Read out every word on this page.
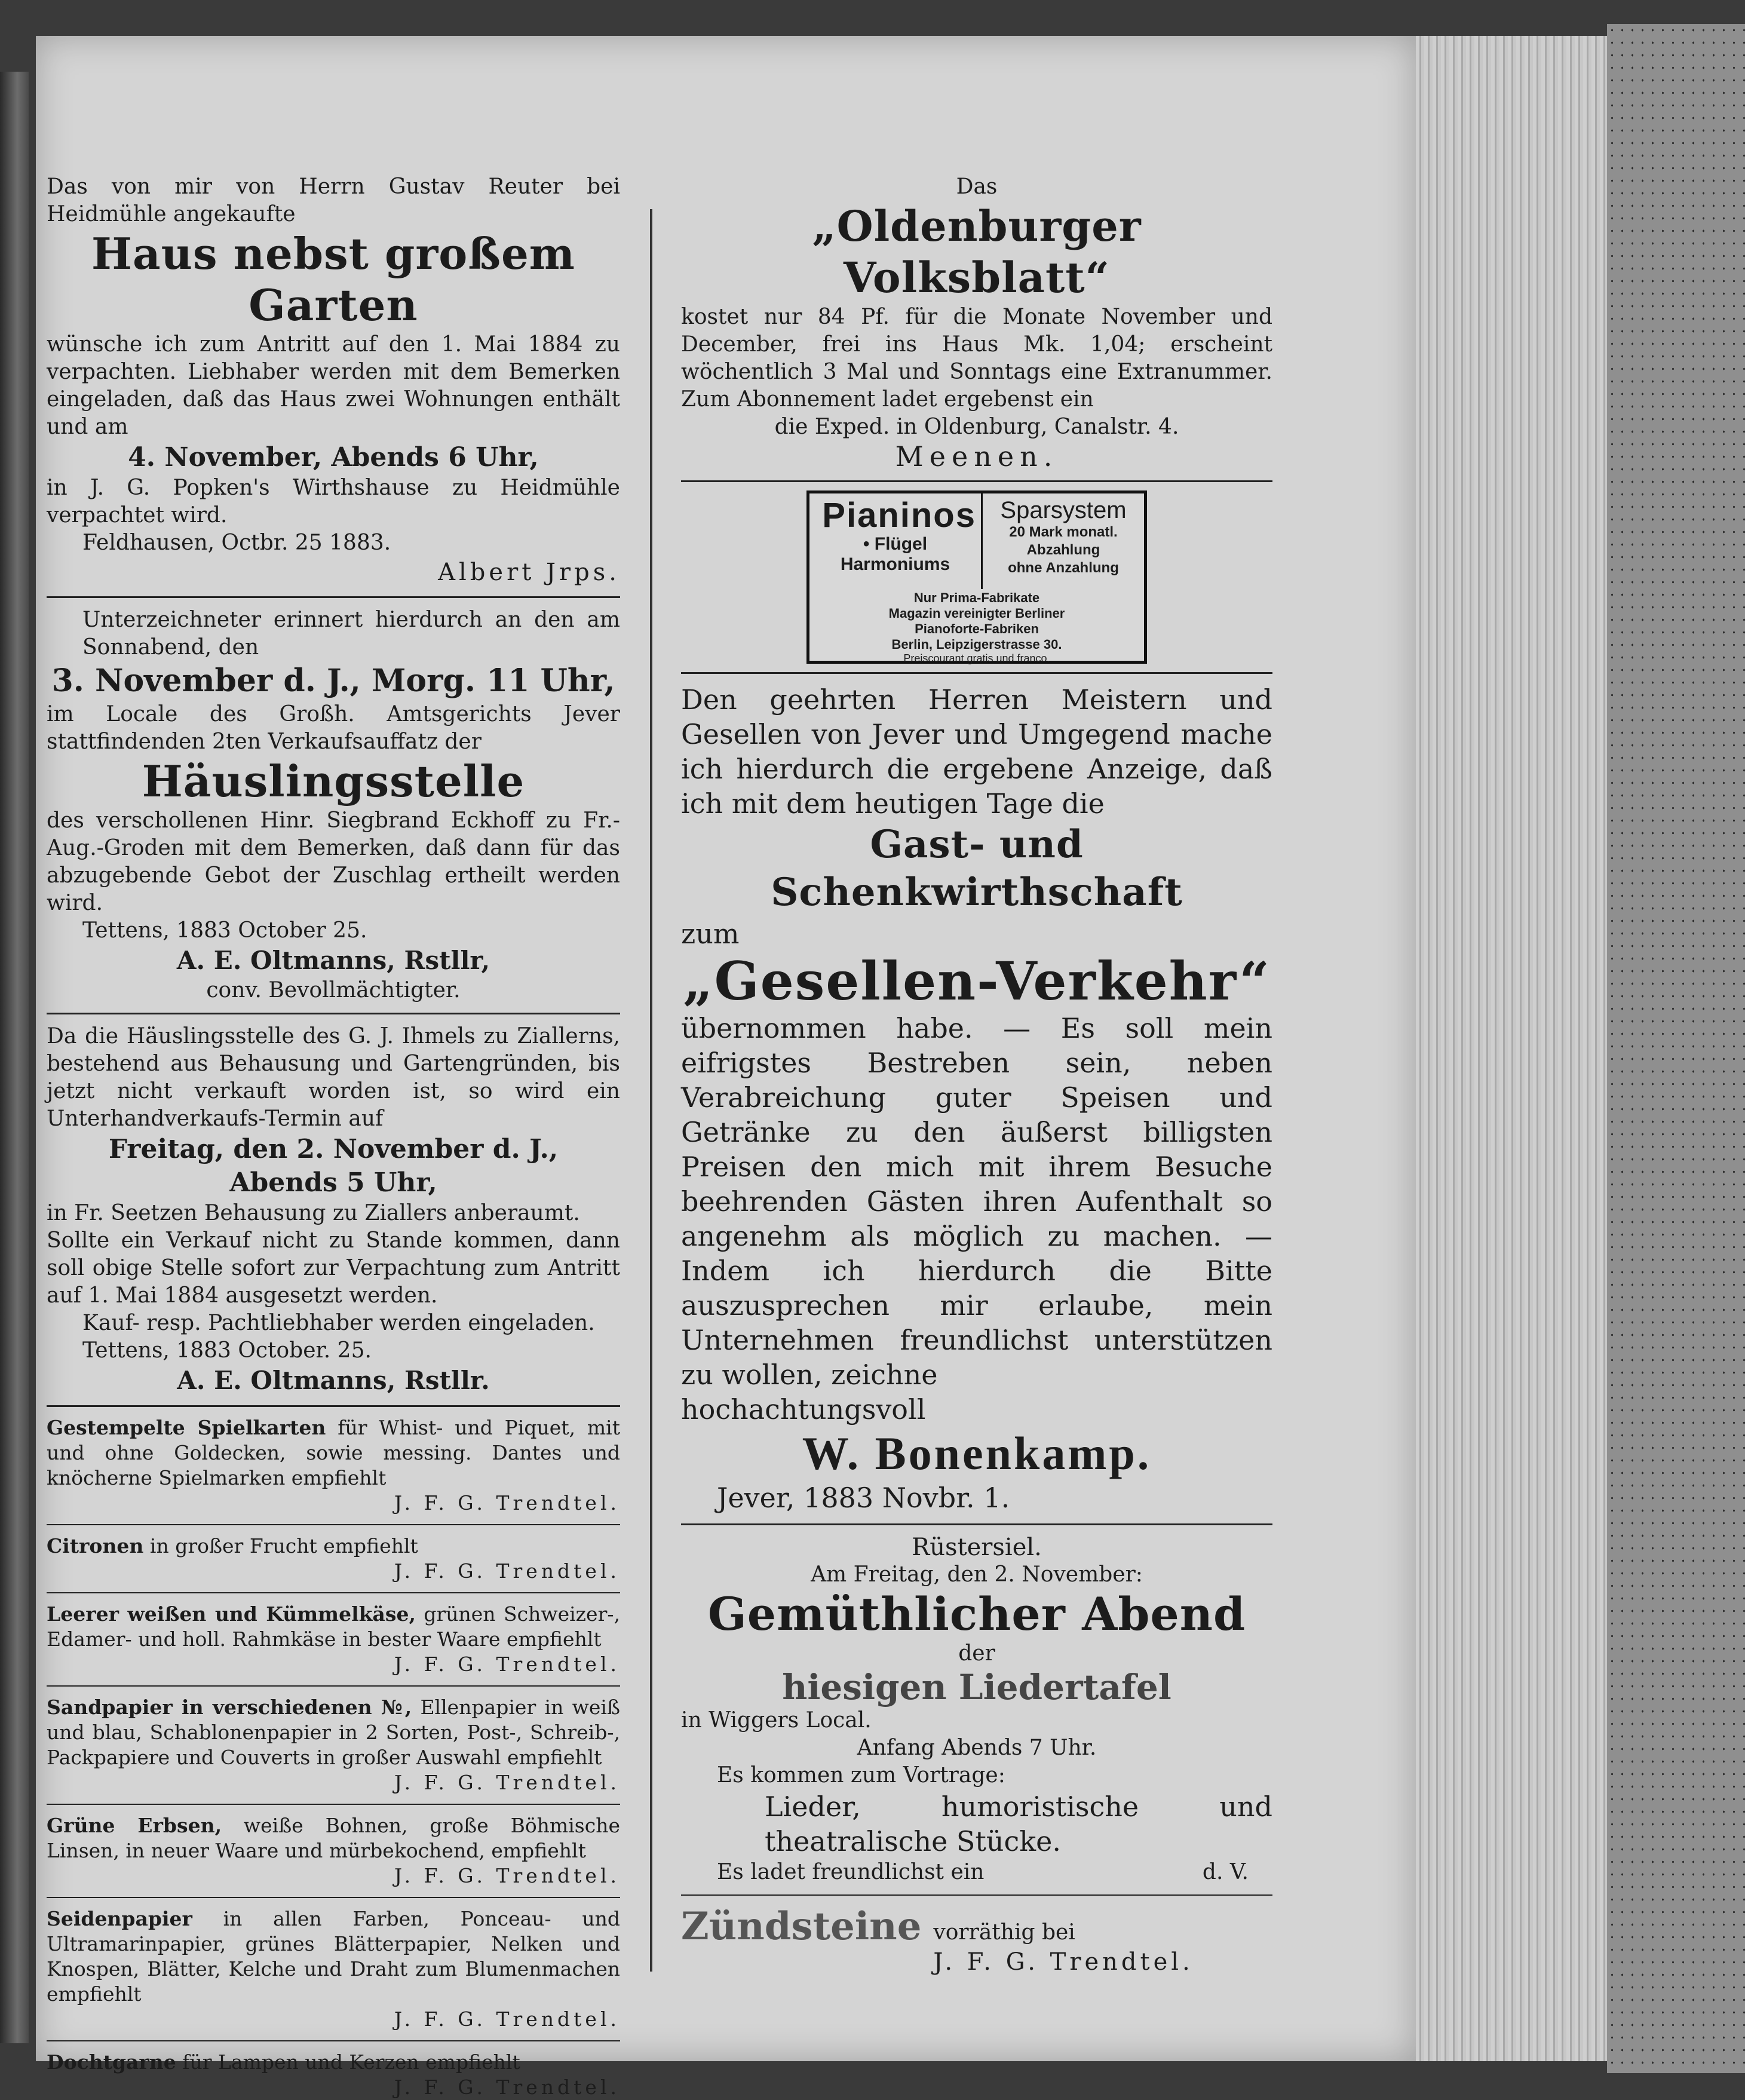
Das von mir von Herrn Gustav Reuter bei Heidmühle angekaufte

Haus nebst großem Garten

wünsche ich zum Antritt auf den 1. Mai 1884 zu verpachten. Liebhaber werden mit dem Bemerken eingeladen, daß das Haus zwei Wohnungen enthält und am

4. November, Abends 6 Uhr,

in J. G. Popken's Wirthshause zu Heidmühle verpachtet wird.

Feldhausen, Octbr. 25 1883.

Albert Jrps.

Unterzeichneter erinnert hierdurch an den am Sonnabend, den

3. November d. J., Morg. 11 Uhr,

im Locale des Großh. Amtsgerichts Jever stattfindenden 2ten Verkaufsauffatz der

Häuslingsstelle

des verschollenen Hinr. Siegbrand Eckhoff zu Fr.-Aug.-Groden mit dem Bemerken, daß dann für das abzugebende Gebot der Zuschlag ertheilt werden wird.

Tettens, 1883 October 25.

A. E. Oltmanns, Rstllr,

conv. Bevollmächtigter.

Da die Häuslingsstelle des G. J. Ihmels zu Ziallerns, bestehend aus Behausung und Gartengründen, bis jetzt nicht verkauft worden ist, so wird ein Unterhandverkaufs-Termin auf

Freitag, den 2. November d. J.,

Abends 5 Uhr,

in Fr. Seetzen Behausung zu Ziallers anberaumt.

Sollte ein Verkauf nicht zu Stande kommen, dann soll obige Stelle sofort zur Verpachtung zum Antritt auf 1. Mai 1884 ausgesetzt werden.

Kauf- resp. Pachtliebhaber werden eingeladen.

Tettens, 1883 October. 25.

A. E. Oltmanns, Rstllr.

Gestempelte Spielkarten für Whist- und Piquet, mit und ohne Goldecken, sowie messing. Dantes und knöcherne Spielmarken empfiehlt

J. F. G. Trendtel.

Citronen in großer Frucht empfiehlt

J. F. G. Trendtel.

Leerer weißen und Kümmelkäse, grünen Schweizer-, Edamer- und holl. Rahmkäse in bester Waare empfiehlt

J. F. G. Trendtel.

Sandpapier in verschiedenen №, Ellenpapier in weiß und blau, Schablonenpapier in 2 Sorten, Post-, Schreib-, Packpapiere und Couverts in großer Auswahl empfiehlt

J. F. G. Trendtel.

Grüne Erbsen, weiße Bohnen, große Böhmische Linsen, in neuer Waare und mürbekochend, empfiehlt

J. F. G. Trendtel.

Seidenpapier in allen Farben, Ponceau- und Ultramarinpapier, grünes Blätterpapier, Nelken und Knospen, Blätter, Kelche und Draht zum Blumenmachen empfiehlt

J. F. G. Trendtel.

Dochtgarne für Lampen und Kerzen empfiehlt

J. F. G. Trendtel.

Das

„Oldenburger Volksblatt“

kostet nur 84 Pf. für die Monate November und December, frei ins Haus Mk. 1,04; erscheint wöchentlich 3 Mal und Sonntags eine Extranummer. Zum Abonnement ladet ergebenst ein

die Exped. in Oldenburg, Canalstr. 4.

Meenen.

Pianinos

• Flügel

Harmoniums

Sparsystem

20 Mark monatl.

Abzahlung

ohne Anzahlung

Nur Prima-Fabrikate

Magazin vereinigter Berliner

Pianoforte-Fabriken

Berlin, Leipzigerstrasse 30.

Preiscourant gratis und franco.

Den geehrten Herren Meistern und Gesellen von Jever und Umgegend mache ich hierdurch die ergebene Anzeige, daß ich mit dem heutigen Tage die

Gast- und Schenkwirthschaft

zum

„Gesellen-Verkehr“

übernommen habe. — Es soll mein eifrigstes Bestreben sein, neben Verabreichung guter Speisen und Getränke zu den äußerst billigsten Preisen den mich mit ihrem Besuche beehrenden Gästen ihren Aufenthalt so angenehm als möglich zu machen. — Indem ich hierdurch die Bitte auszusprechen mir erlaube, mein Unternehmen freundlichst unterstützen zu wollen, zeichne

hochachtungsvoll

W. Bonenkamp.

Jever, 1883 Novbr. 1.

Rüstersiel.

Am Freitag, den 2. November:

Gemüthlicher Abend

der

hiesigen Liedertafel

in Wiggers Local.

Anfang Abends 7 Uhr.

Es kommen zum Vortrage:

Lieder, humoristische und theatralische Stücke.

Es ladet freundlichst ein	d. V.

Zündsteine vorräthig bei

J. F. G. Trendtel.
